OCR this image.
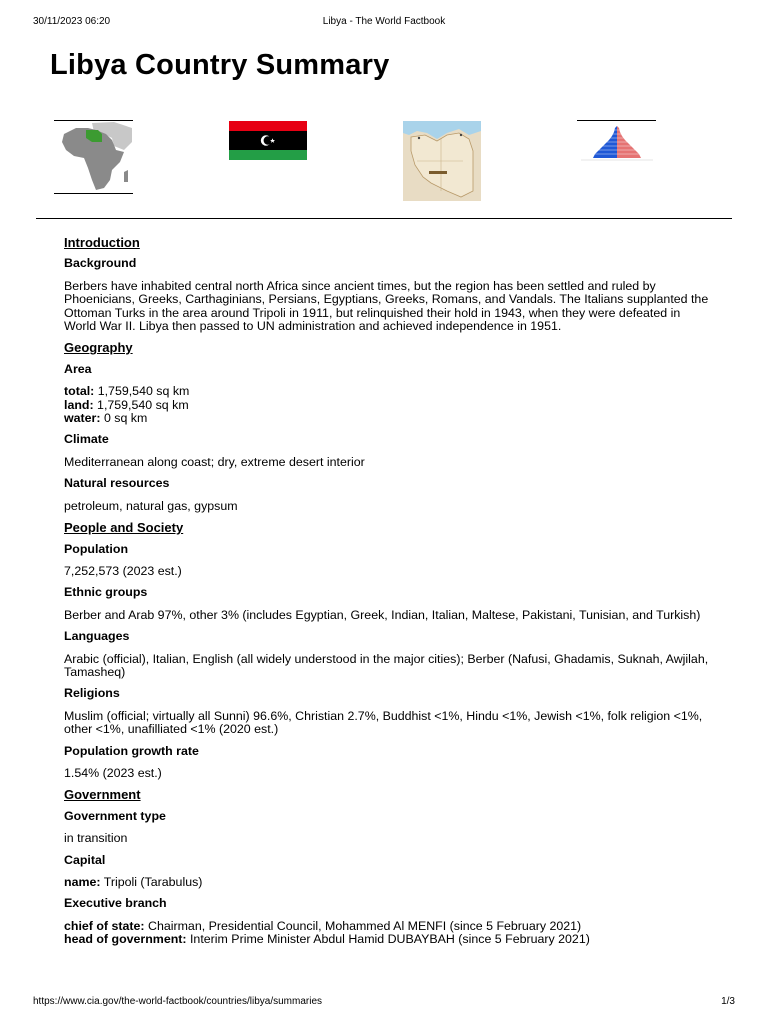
30/11/2023 06:20	Libya - The World Factbook
Libya Country Summary
Introduction
Background
Berbers have inhabited central north Africa since ancient times, but the region has been settled and ruled by Phoenicians, Greeks, Carthaginians, Persians, Egyptians, Greeks, Romans, and Vandals. The Italians supplanted the Ottoman Turks in the area around Tripoli in 1911, but relinquished their hold in 1943, when they were defeated in World War II. Libya then passed to UN administration and achieved independence in 1951.
Geography
Area
total: 1,759,540 sq km
land: 1,759,540 sq km
water: 0 sq km
Climate
Mediterranean along coast; dry, extreme desert interior
Natural resources
petroleum, natural gas, gypsum
People and Society
Population
7,252,573 (2023 est.)
Ethnic groups
Berber and Arab 97%, other 3% (includes Egyptian, Greek, Indian, Italian, Maltese, Pakistani, Tunisian, and Turkish)
Languages
Arabic (official), Italian, English (all widely understood in the major cities); Berber (Nafusi, Ghadamis, Suknah, Awjilah, Tamasheq)
Religions
Muslim (official; virtually all Sunni) 96.6%, Christian 2.7%, Buddhist <1%, Hindu <1%, Jewish <1%, folk religion <1%, other <1%, unafilliated <1% (2020 est.)
Population growth rate
1.54% (2023 est.)
Government
Government type
in transition
Capital
name: Tripoli (Tarabulus)
Executive branch
chief of state: Chairman, Presidential Council, Mohammed Al MENFI (since 5 February 2021)
head of government: Interim Prime Minister Abdul Hamid DUBAYBAH (since 5 February 2021)
https://www.cia.gov/the-world-factbook/countries/libya/summaries	1/3
